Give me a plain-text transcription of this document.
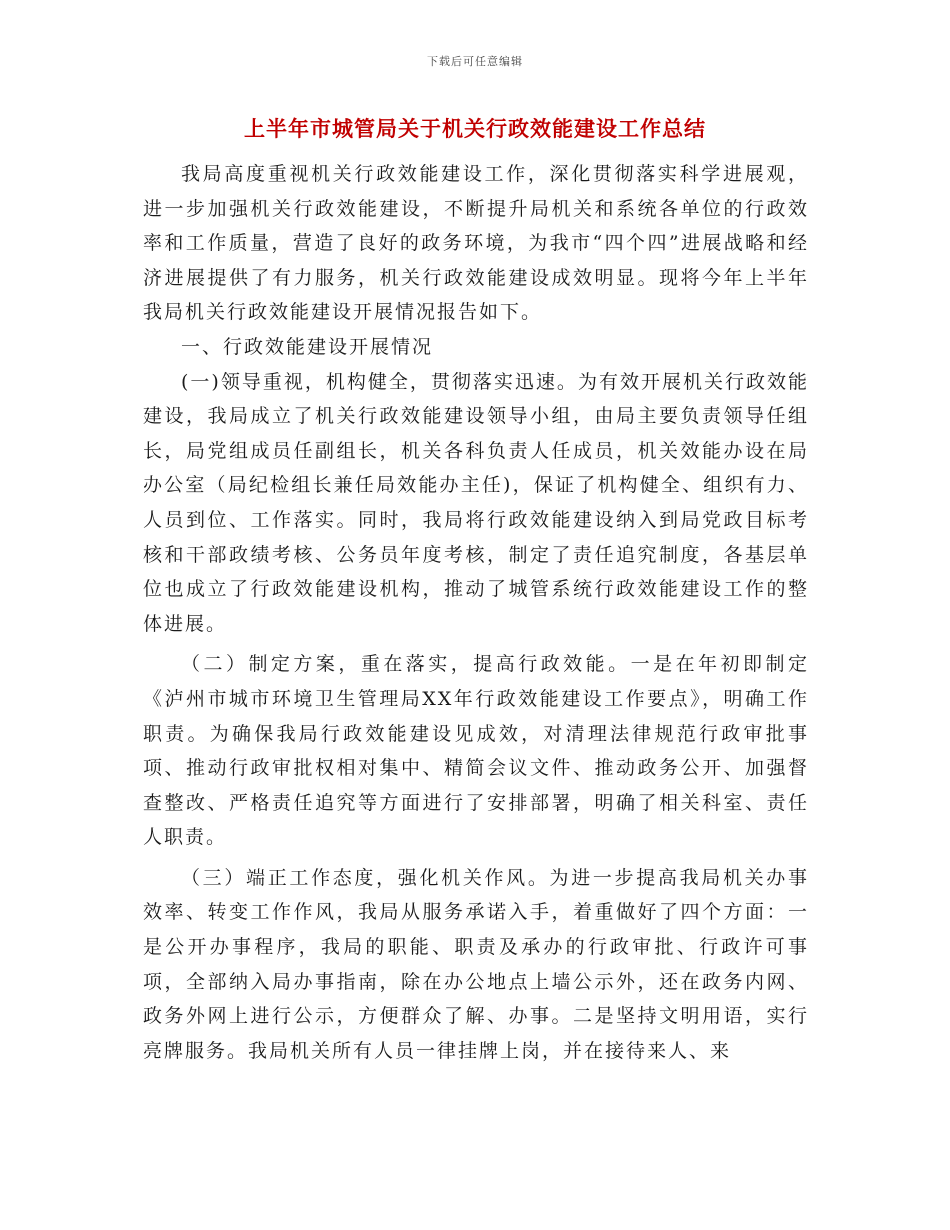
下载后可任意编辑
上半年市城管局关于机关行政效能建设工作总结

我局高度重视机关行政效能建设工作，深化贯彻落实科学进展观，进一步加强机关行政效能建设，不断提升局机关和系统各单位的行政效率和工作质量，营造了良好的政务环境，为我市“四个四”进展战略和经济进展提供了有力服务，机关行政效能建设成效明显。现将今年上半年我局机关行政效能建设开展情况报告如下。

一、行政效能建设开展情况

(一)领导重视，机构健全，贯彻落实迅速。为有效开展机关行政效能建设，我局成立了机关行政效能建设领导小组，由局主要负责领导任组长，局党组成员任副组长，机关各科负责人任成员，机关效能办设在局办公室（局纪检组长兼任局效能办主任)，保证了机构健全、组织有力、人员到位、工作落实。同时，我局将行政效能建设纳入到局党政目标考核和干部政绩考核、公务员年度考核，制定了责任追究制度，各基层单位也成立了行政效能建设机构，推动了城管系统行政效能建设工作的整体进展。

（二）制定方案，重在落实，提高行政效能。一是在年初即制定《泸州市城市环境卫生管理局XX年行政效能建设工作要点》，明确工作职责。为确保我局行政效能建设见成效，对清理法律规范行政审批事项、推动行政审批权相对集中、精简会议文件、推动政务公开、加强督查整改、严格责任追究等方面进行了安排部署，明确了相关科室、责任人职责。

（三）端正工作态度，强化机关作风。为进一步提高我局机关办事效率、转变工作作风，我局从服务承诺入手，着重做好了四个方面：一是公开办事程序，我局的职能、职责及承办的行政审批、行政许可事项，全部纳入局办事指南，除在办公地点上墙公示外，还在政务内网、政务外网上进行公示，方便群众了解、办事。二是坚持文明用语，实行亮牌服务。我局机关所有人员一律挂牌上岗，并在接待来人、来
